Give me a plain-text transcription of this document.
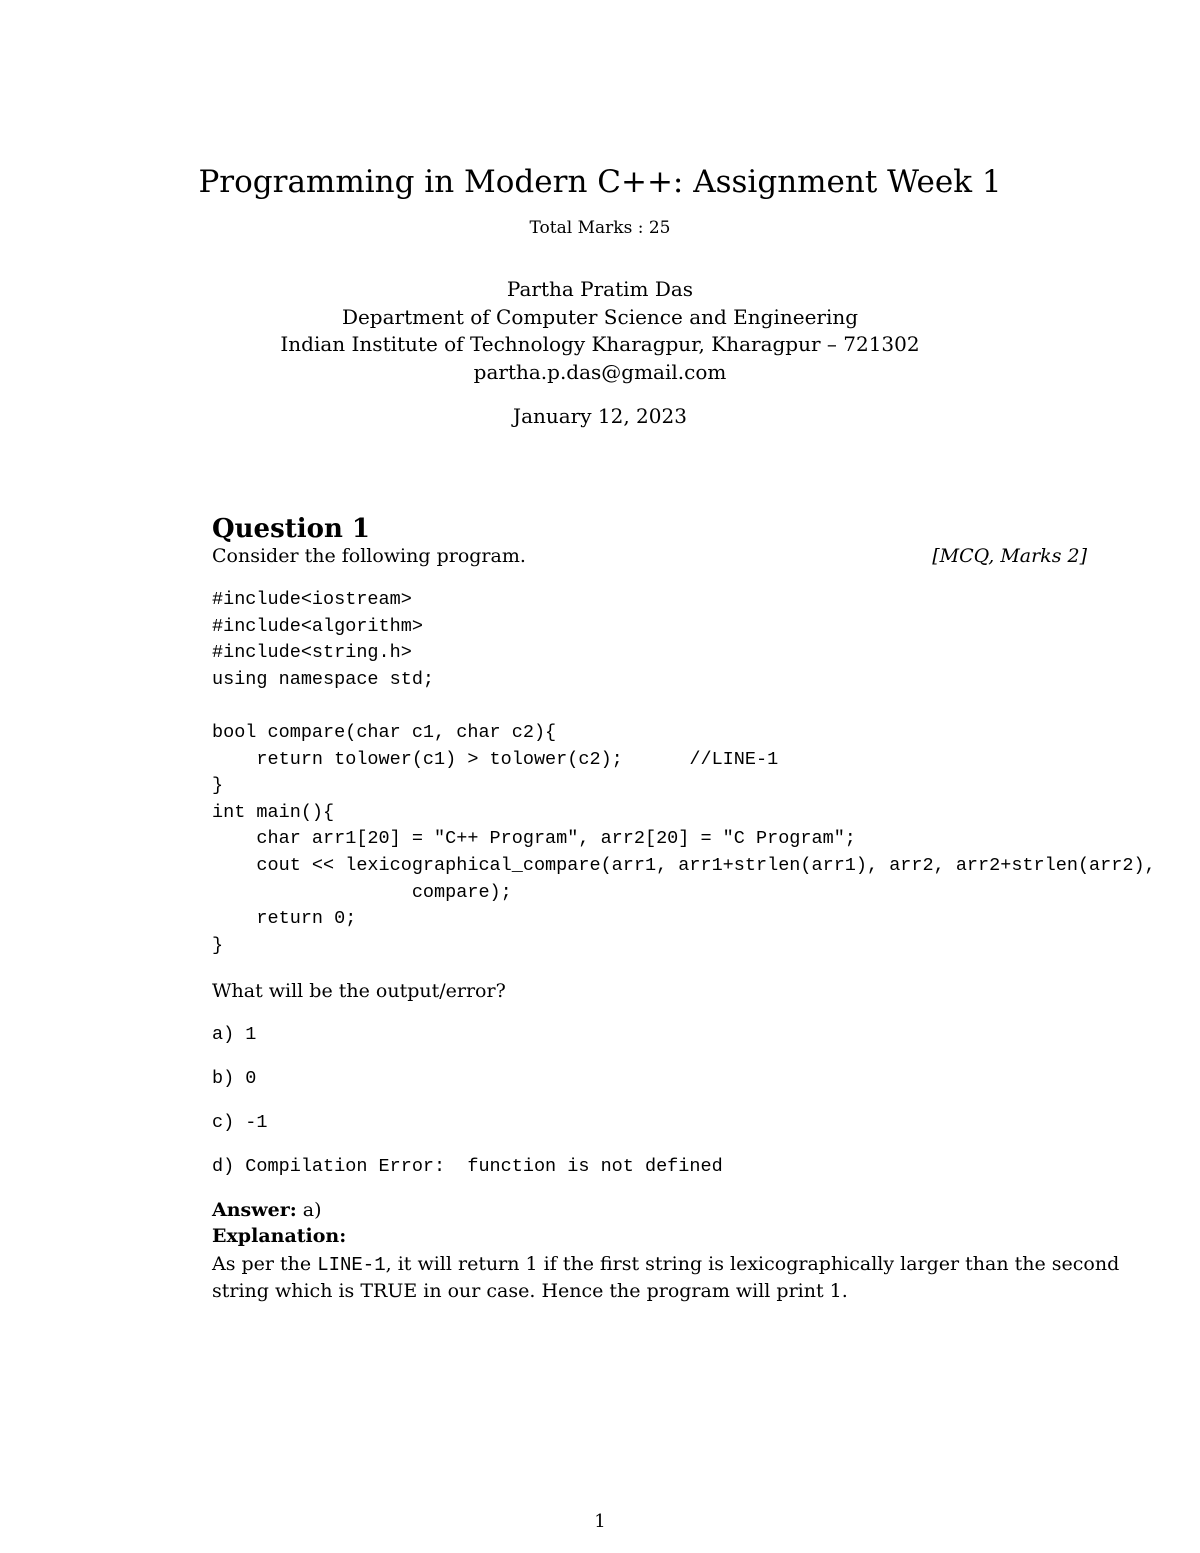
Programming in Modern C++: Assignment Week 1
Total Marks : 25
Partha Pratim Das
Department of Computer Science and Engineering
Indian Institute of Technology Kharagpur, Kharagpur – 721302
partha.p.das@gmail.com
January 12, 2023
Question 1
Consider the following program.	[MCQ, Marks 2]
#include<iostream>
#include<algorithm>
#include<string.h>
using namespace std;

bool compare(char c1, char c2){
return tolower(c1) > tolower(c2);      //LINE-1
}
int main(){
char arr1[20] = "C++ Program", arr2[20] = "C Program";
cout << lexicographical_compare(arr1, arr1+strlen(arr1), arr2, arr2+strlen(arr2),
compare);
return 0;
}
What will be the output/error?
a) 1
b) 0
c) -1
d) Compilation Error:  function is not defined
Answer: a)
Explanation:

As per the LINE-1, it will return 1 if the first string is lexicographically larger than the second

string which is TRUE in our case. Hence the program will print 1.

1
